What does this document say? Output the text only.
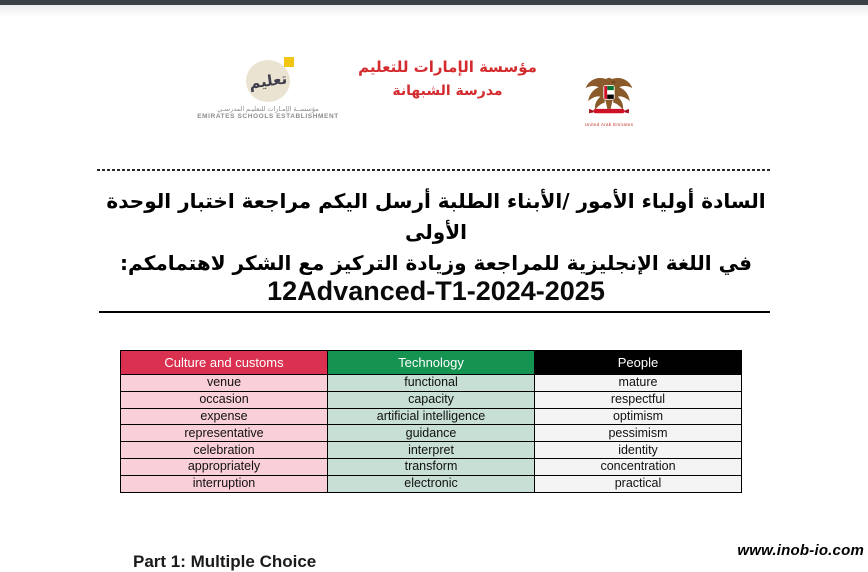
تعليم
مؤسســة الإمـارات للتعليـم المدرسـي
EMIRATES SCHOOLS ESTABLISHMENT
مؤسسة الإمارات للتعليم
مدرسة الشبهانة
United Arab Emirates
السادة أولياء الأمور /الأبناء الطلبة أرسل اليكم مراجعة اختبار الوحدة الأولى
في اللغة الإنجليزية للمراجعة وزيادة التركيز مع الشكر لاهتمامكم:
12Advanced-T1-2024-2025
Culture and customs	Technology	People
venue	functional	mature
occasion	capacity	respectful
expense	artificial intelligence	optimism
representative	guidance	pessimism
celebration	interpret	identity
appropriately	transform	concentration
interruption	electronic	practical
Part 1: Multiple Choice
www.inob-io.com
